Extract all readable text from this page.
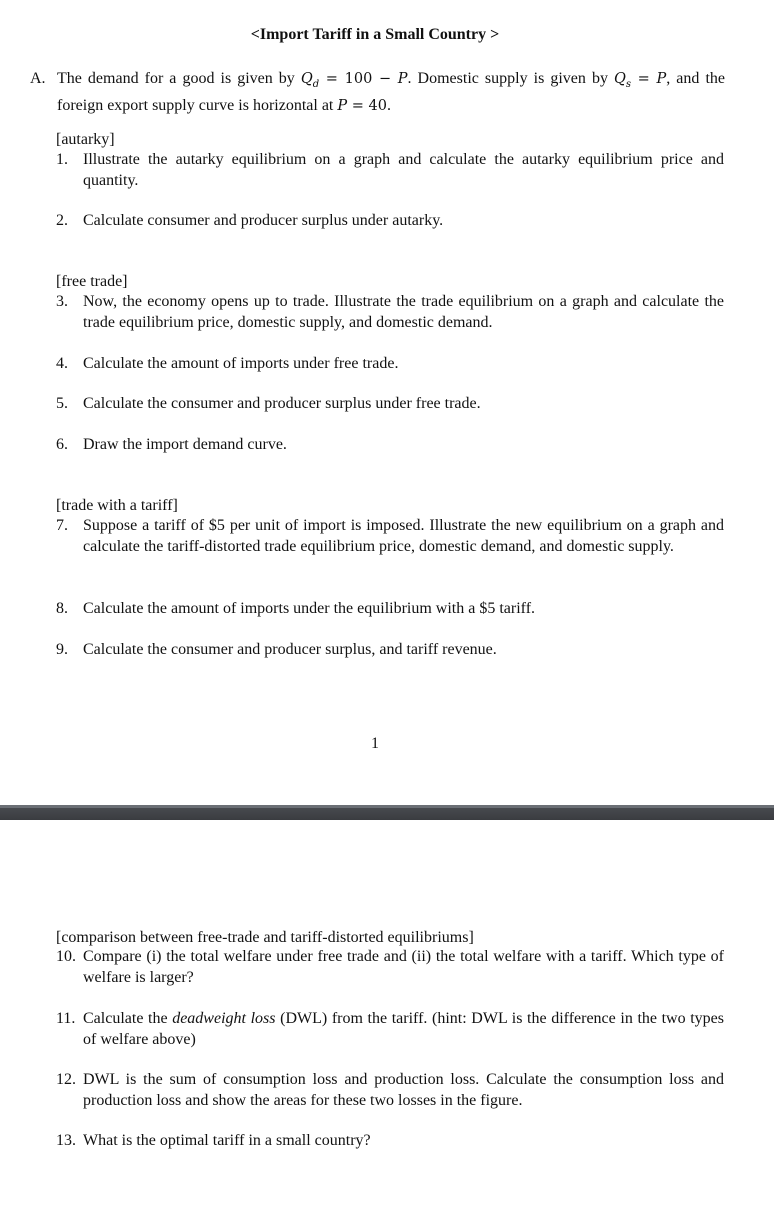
<Import Tariff in a Small Country >
A. The demand for a good is given by $Q_d = 100 - P$. Domestic supply is given by $Q_s = P$, and the foreign export supply curve is horizontal at P = 40.
[autarky]
1. Illustrate the autarky equilibrium on a graph and calculate the autarky equilibrium price and quantity.
2. Calculate consumer and producer surplus under autarky.
[free trade]
3. Now, the economy opens up to trade. Illustrate the trade equilibrium on a graph and calculate the trade equilibrium price, domestic supply, and domestic demand.
4. Calculate the amount of imports under free trade.
5. Calculate the consumer and producer surplus under free trade.
6. Draw the import demand curve.
[trade with a tariff]
7. Suppose a tariff of $5 per unit of import is imposed. Illustrate the new equilibrium on a graph and calculate the tariff-distorted trade equilibrium price, domestic demand, and domestic supply.
8. Calculate the amount of imports under the equilibrium with a $5 tariff.
9. Calculate the consumer and producer surplus, and tariff revenue.
1
[comparison between free-trade and tariff-distorted equilibriums]
10. Compare (i) the total welfare under free trade and (ii) the total welfare with a tariff. Which type of welfare is larger?
11. Calculate the deadweight loss (DWL) from the tariff. (hint: DWL is the difference in the two types of welfare above)
12. DWL is the sum of consumption loss and production loss. Calculate the consumption loss and production loss and show the areas for these two losses in the figure.
13. What is the optimal tariff in a small country?
